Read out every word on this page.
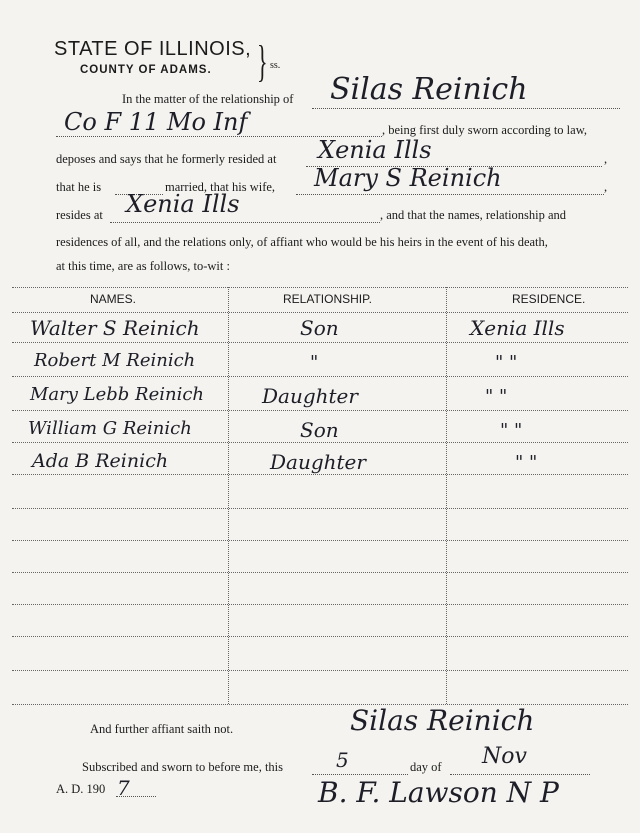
STATE OF ILLINOIS,
COUNTY OF ADAMS. } ss.
In the matter of the relationship of Silas Reinich
Co F 11 Mo Inf	, being first duly sworn according to law,
deposes and says that he formerly resided at Xenia Ills	,
that he is	married, that his wife, Mary S Reinich	,
resides at Xenia Ills	, and that the names, relationship and
residences of all, and the relations only, of affiant who would be his heirs in the event of his death,
at this time, are as follows, to-wit :
NAMES.	RELATIONSHIP.	RESIDENCE.
Walter S Reinich	Son	Xenia Ills
Robert M Reinich	"	" "
Mary Lebb Reinich	Daughter	" "
William G Reinich	Son	" "
Ada B Reinich	Daughter	" "
And further affiant saith not.	Silas Reinich
Subscribed and sworn to before me, this	5	day of Nov
A. D. 190 7	B. F. Lawson N P
